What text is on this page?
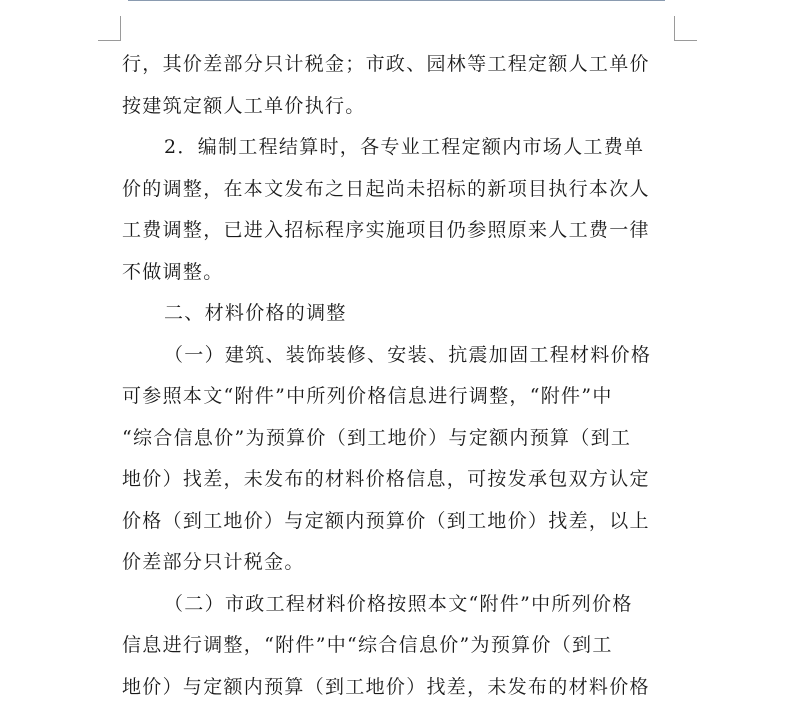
行，其价差部分只计税金；市政、园林等工程定额人工单价
按建筑定额人工单价执行。
2．编制工程结算时，各专业工程定额内市场人工费单
价的调整，在本文发布之日起尚未招标的新项目执行本次人
工费调整，已进入招标程序实施项目仍参照原来人工费一律
不做调整。
二、材料价格的调整
（一）建筑、装饰装修、安装、抗震加固工程材料价格
可参照本文“附件”中所列价格信息进行调整，“附件”中
“综合信息价”为预算价（到工地价）与定额内预算（到工
地价）找差，未发布的材料价格信息，可按发承包双方认定
价格（到工地价）与定额内预算价（到工地价）找差，以上
价差部分只计税金。
（二）市政工程材料价格按照本文“附件”中所列价格
信息进行调整，“附件”中“综合信息价”为预算价（到工
地价）与定额内预算（到工地价）找差，未发布的材料价格
